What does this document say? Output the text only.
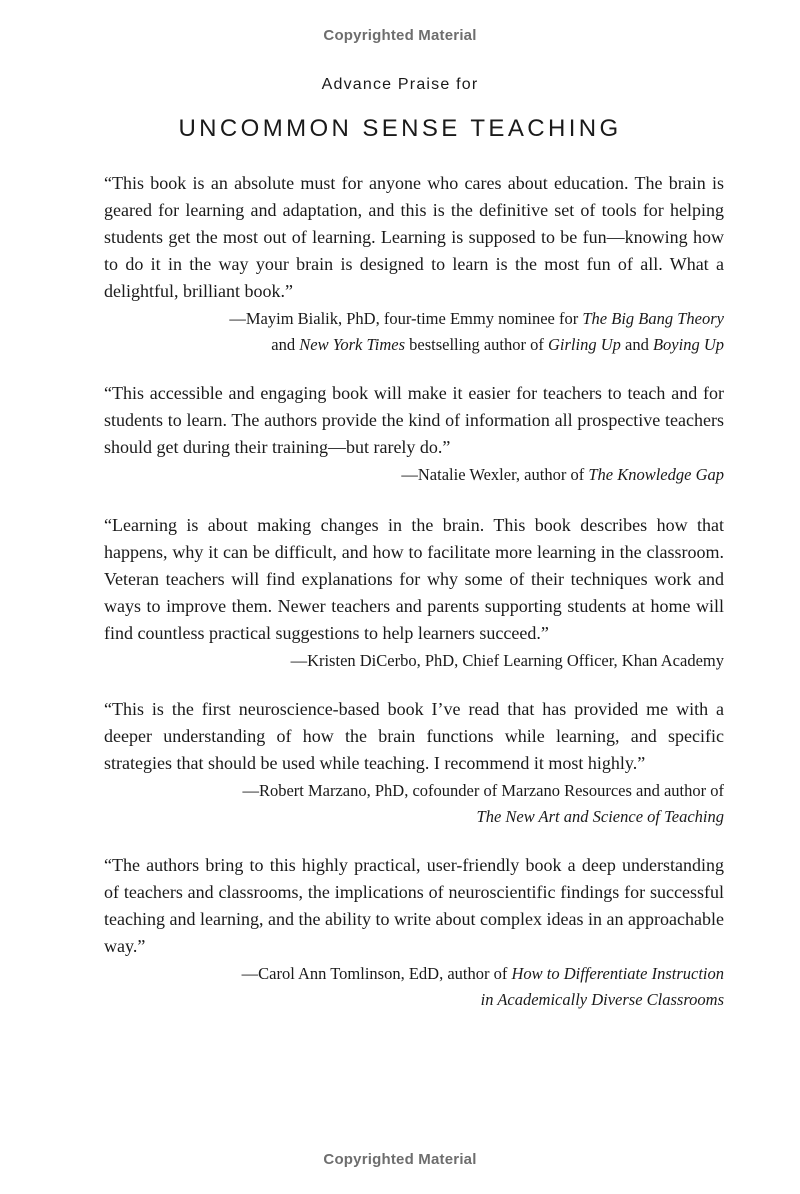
Copyrighted Material
Advance Praise for
UNCOMMON SENSE TEACHING

“This book is an absolute must for anyone who cares about education. The brain is geared for learning and adaptation, and this is the definitive set of tools for helping students get the most out of learning. Learning is supposed to be fun—knowing how to do it in the way your brain is designed to learn is the most fun of all. What a delightful, brilliant book.”

—Mayim Bialik, PhD, four-time Emmy nominee for The Big Bang Theory
and New York Times bestselling author of Girling Up and Boying Up

“This accessible and engaging book will make it easier for teachers to teach and for students to learn. The authors provide the kind of information all prospective teachers should get during their training—but rarely do.”

—Natalie Wexler, author of The Knowledge Gap

“Learning is about making changes in the brain. This book describes how that happens, why it can be difficult, and how to facilitate more learning in the classroom. Veteran teachers will find explanations for why some of their techniques work and ways to improve them. Newer teachers and parents supporting students at home will find countless practical suggestions to help learners succeed.”

—Kristen DiCerbo, PhD, Chief Learning Officer, Khan Academy

“This is the first neuroscience-based book I’ve read that has provided me with a deeper understanding of how the brain functions while learning, and specific strategies that should be used while teaching. I recommend it most highly.”

—Robert Marzano, PhD, cofounder of Marzano Resources and author of
The New Art and Science of Teaching

“The authors bring to this highly practical, user-friendly book a deep understanding of teachers and classrooms, the implications of neuroscientific findings for successful teaching and learning, and the ability to write about complex ideas in an approachable way.”

—Carol Ann Tomlinson, EdD, author of How to Differentiate Instruction
in Academically Diverse Classrooms

Copyrighted Material
